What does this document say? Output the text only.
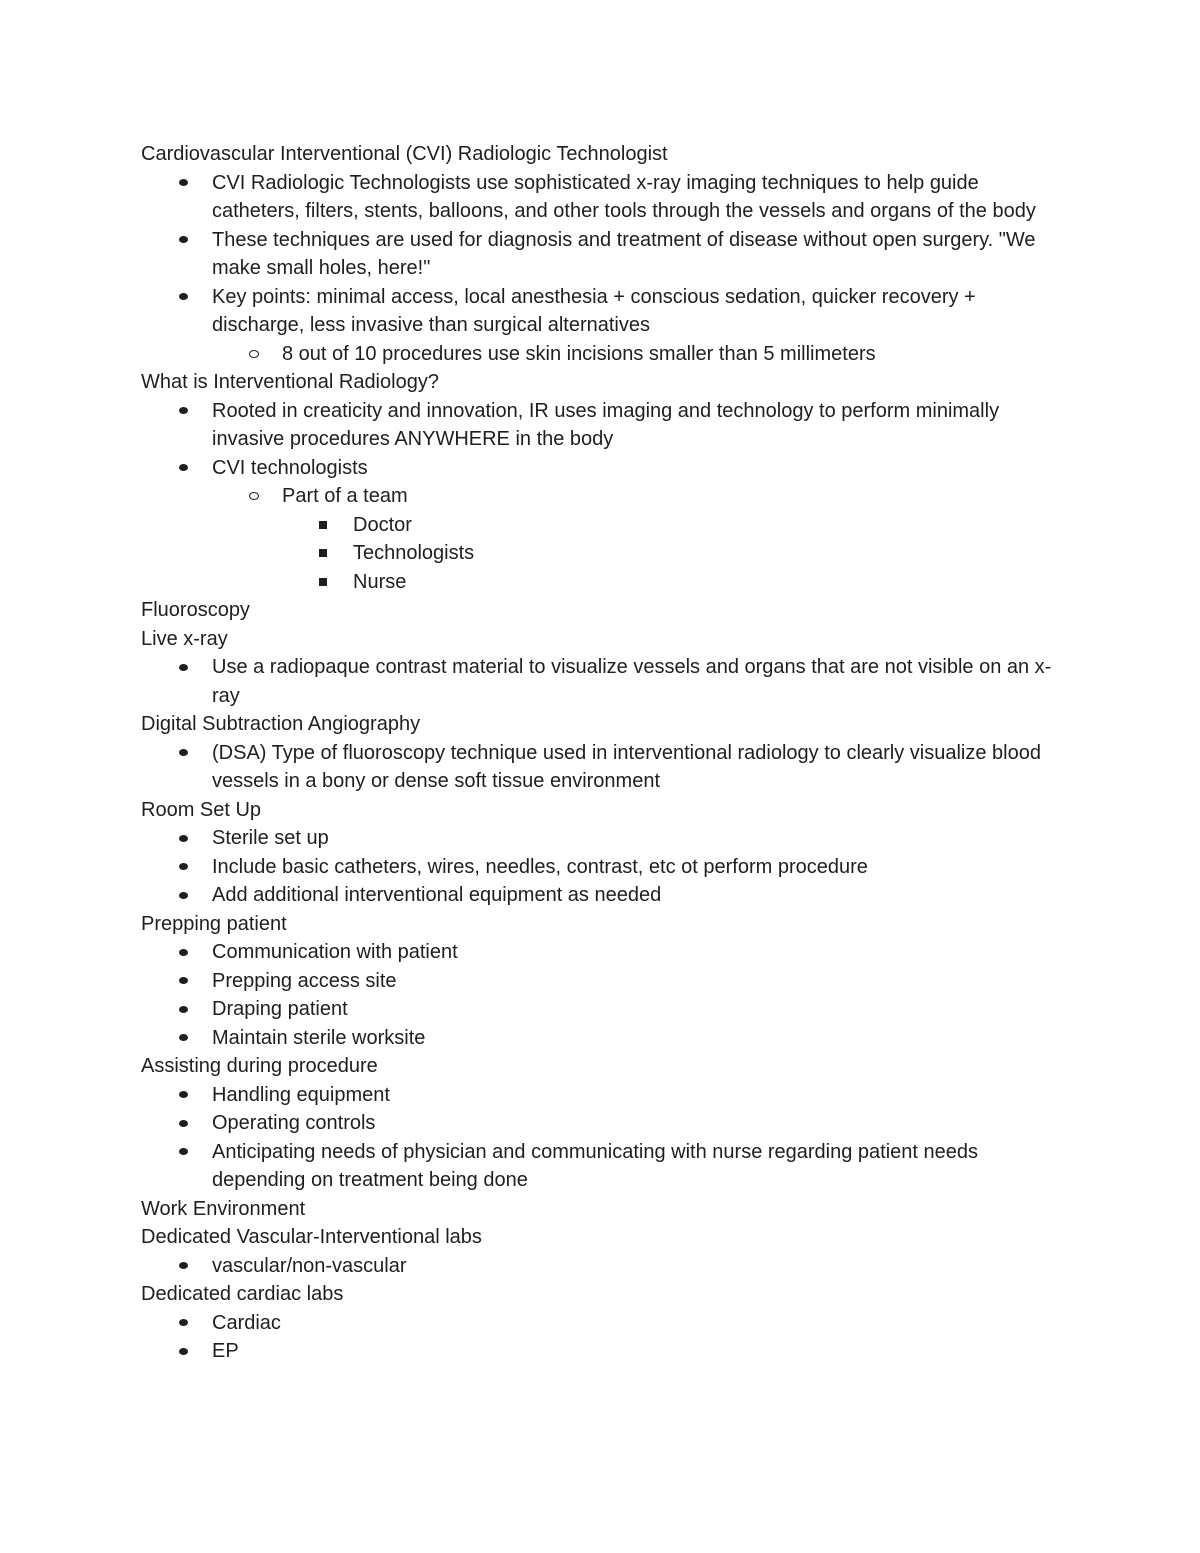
Cardiovascular Interventional (CVI) Radiologic Technologist
CVI Radiologic Technologists use sophisticated x-ray imaging techniques to help guide catheters, filters, stents, balloons, and other tools through the vessels and organs of the body
These techniques are used for diagnosis and treatment of disease without open surgery. "We make small holes, here!"
Key points: minimal access, local anesthesia + conscious sedation, quicker recovery + discharge, less invasive than surgical alternatives
8 out of 10 procedures use skin incisions smaller than 5 millimeters
What is Interventional Radiology?
Rooted in creaticity and innovation, IR uses imaging and technology to perform minimally invasive procedures ANYWHERE in the body
CVI technologists
Part of a team
Doctor
Technologists
Nurse
Fluoroscopy
Live x-ray
Use a radiopaque contrast material to visualize vessels and organs that are not visible on an x-ray
Digital Subtraction Angiography
(DSA) Type of fluoroscopy technique used in interventional radiology to clearly visualize blood vessels in a bony or dense soft tissue environment
Room Set Up
Sterile set up
Include basic catheters, wires, needles, contrast, etc ot perform procedure
Add additional interventional equipment as needed
Prepping patient
Communication with patient
Prepping access site
Draping patient
Maintain sterile worksite
Assisting during procedure
Handling equipment
Operating controls
Anticipating needs of physician and communicating with nurse regarding patient needs depending on treatment being done
Work Environment
Dedicated Vascular-Interventional labs
vascular/non-vascular
Dedicated cardiac labs
Cardiac
EP
